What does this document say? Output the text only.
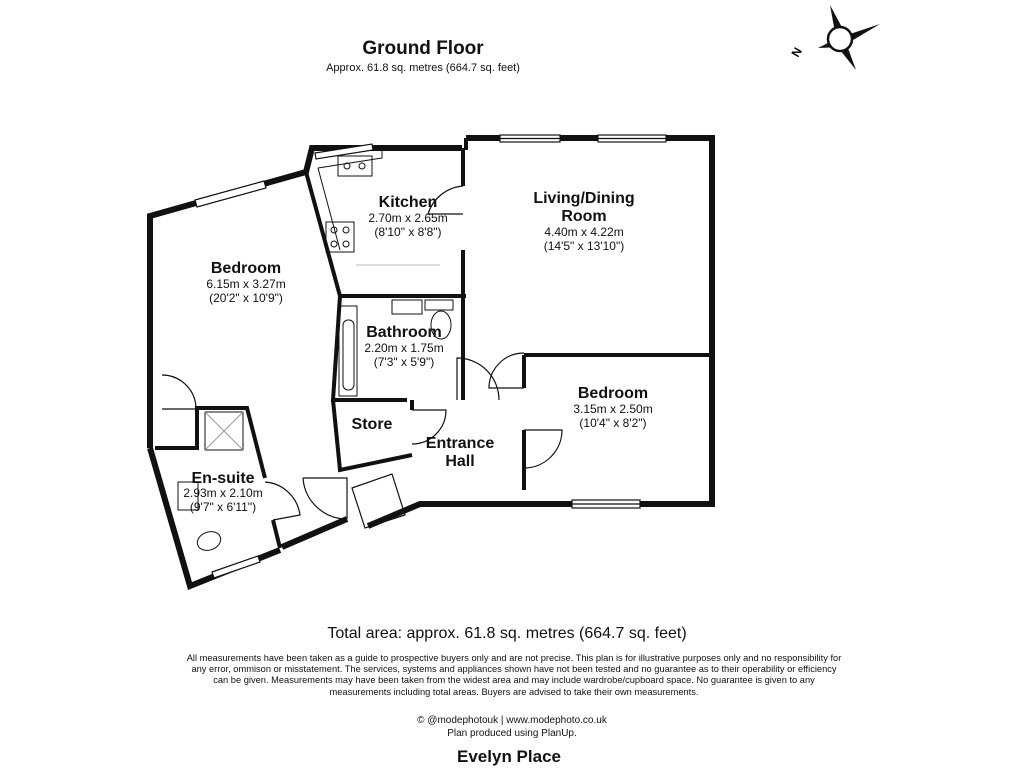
Ground Floor
Approx. 61.8 sq. metres (664.7 sq. feet)
N
Kitchen
2.70m x 2.65m
(8'10" x 8'8")
Living/Dining
Room
4.40m x 4.22m
(14'5" x 13'10")
Bedroom
6.15m x 3.27m
(20'2" x 10'9")
Bathroom
2.20m x 1.75m
(7'3" x 5'9")
Store
Entrance
Hall
Bedroom
3.15m x 2.50m
(10'4" x 8'2")
En-suite
2.93m x 2.10m
(9'7" x 6'11")
Total area: approx. 61.8 sq. metres (664.7 sq. feet)
All measurements have been taken as a guide to prospective buyers only and are not precise. This plan is for illustrative purposes only and no responsibility for any error, ommison or misstatement. The services, systems and appliances shown have not been tested and no guarantee as to their operability or efficiency can be given. Measurements may have been taken from the widest area and may include wardrobe/cupboard space. No guarantee is given to any measurements including total areas. Buyers are advised to take their own measurements.
© @modephotouk | www.modephoto.co.uk
Plan produced using PlanUp.
Evelyn Place
